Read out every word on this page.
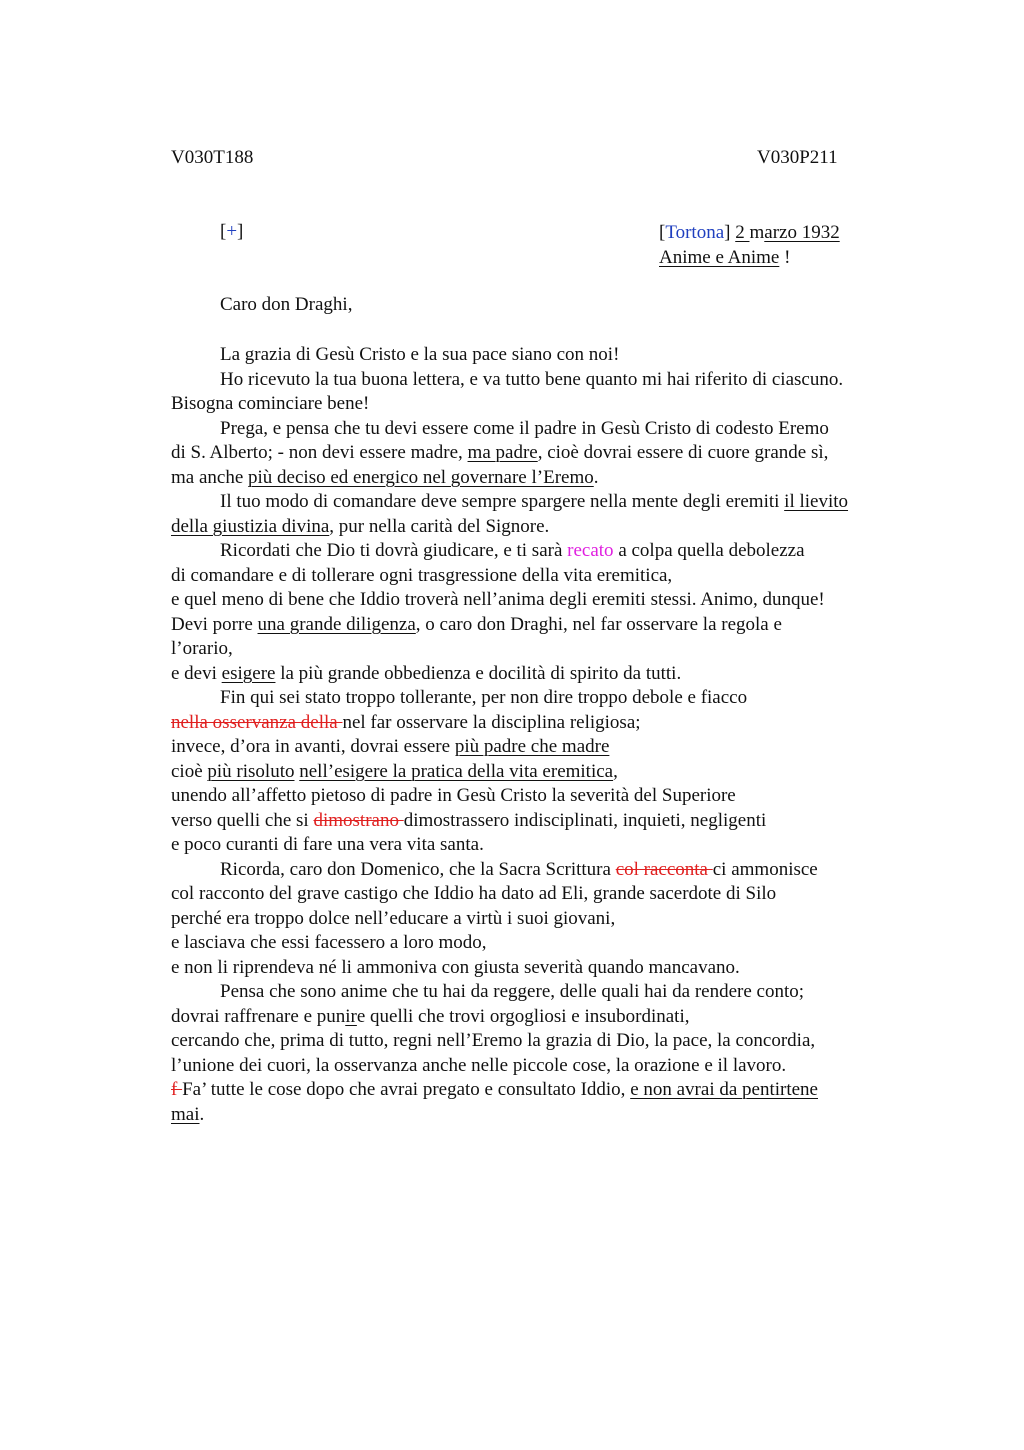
V030T188	V030P211
[+]	[Tortona] 2 marzo 1932
Anime e Anime !
Caro don Draghi,
La grazia di Gesù Cristo e la sua pace siano con noi!
Ho ricevuto la tua buona lettera, e va tutto bene quanto mi hai riferito di ciascuno.
Bisogna cominciare bene!
Prega, e pensa che tu devi essere come il padre in Gesù Cristo di codesto Eremo
di S. Alberto; - non devi essere madre, ma padre, cioè dovrai essere di cuore grande sì,
ma anche più deciso ed energico nel governare l’Eremo.
Il tuo modo di comandare deve sempre spargere nella mente degli eremiti il lievito
della giustizia divina, pur nella carità del Signore.
Ricordati che Dio ti dovrà giudicare, e ti sarà recato a colpa quella debolezza
di comandare e di tollerare ogni trasgressione della vita eremitica,
e quel meno di bene che Iddio troverà nell’anima degli eremiti stessi. Animo, dunque!
Devi porre una grande diligenza, o caro don Draghi, nel far osservare la regola e
l’orario,
e devi esigere la più grande obbedienza e docilità di spirito da tutti.
Fin qui sei stato troppo tollerante, per non dire troppo debole e fiacco
nella osservanza della nel far osservare la disciplina religiosa;
invece, d’ora in avanti, dovrai essere più padre che madre
cioè più risoluto nell’esigere la pratica della vita eremitica,
unendo all’affetto pietoso di padre in Gesù Cristo la severità del Superiore
verso quelli che si dimostrano dimostrassero indisciplinati, inquieti, negligenti
e poco curanti di fare una vera vita santa.
Ricorda, caro don Domenico, che la Sacra Scrittura col racconta ci ammonisce
col racconto del grave castigo che Iddio ha dato ad Eli, grande sacerdote di Silo
perché era troppo dolce nell’educare a virtù i suoi giovani,
e lasciava che essi facessero a loro modo,
e non li riprendeva né li ammoniva con giusta severità quando mancavano.
Pensa che sono anime che tu hai da reggere, delle quali hai da rendere conto;
dovrai raffrenare e punire quelli che trovi orgogliosi e insubordinati,
cercando che, prima di tutto, regni nell’Eremo la grazia di Dio, la pace, la concordia,
l’unione dei cuori, la osservanza anche nelle piccole cose, la orazione e il lavoro.
f Fa’ tutte le cose dopo che avrai pregato e consultato Iddio, e non avrai da pentirtene
mai.
